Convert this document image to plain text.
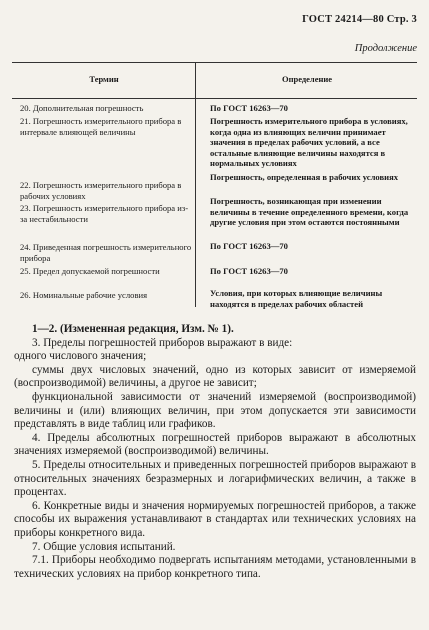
ГОСТ 24214—80 Стр. 3
Продолжение
Термин	Определение
20. Дополнительная погрешность
21. Погрешность измерительного прибора в интервале влияющей величины
22. Погрешность измерительного прибора в рабочих условиях
23. Погрешность измерительного прибора из-за нестабильности
24. Приведенная погрешность измерительного прибора
25. Предел допускаемой погрешности
26. Номинальные рабочие условия
По ГОСТ 16263—70
Погрешность измерительного прибора в условиях, когда одна из влияющих величин принимает значения в пределах рабочих условий, а все остальные влияющие величины находятся в нормальных условиях
Погрешность, определенная в рабочих условиях
Погрешность, возникающая при изменении величины в течение определенного времени, когда другие условия при этом остаются постоянными
По ГОСТ 16263—70
По ГОСТ 16263—70
Условия, при которых влияющие величины находятся в пределах рабочих областей

1—2. (Измененная редакция, Изм. № 1).

3. Пределы погрешностей приборов выражают в виде:

одного числового значения;

суммы двух числовых значений, одно из которых зависит от измеряемой (воспроизводимой) величины, а другое не зависит;

функциональной зависимости от значений измеряемой (воспроизводимой) величины и (или) влияющих величин, при этом допускается эти зависимости представлять в виде таблиц или графиков.

4. Пределы абсолютных погрешностей приборов выражают в абсолютных значениях измеряемой (воспроизводимой) величины.

5. Пределы относительных и приведенных погрешностей приборов выражают в относительных значениях безразмерных и логарифмических величин, а также в процентах.

6. Конкретные виды и значения нормируемых погрешностей приборов, а также способы их выражения устанавливают в стандартах или технических условиях на приборы конкретного вида.

7. Общие условия испытаний.

7.1. Приборы необходимо подвергать испытаниям методами, установленными в технических условиях на прибор конкретного типа.
